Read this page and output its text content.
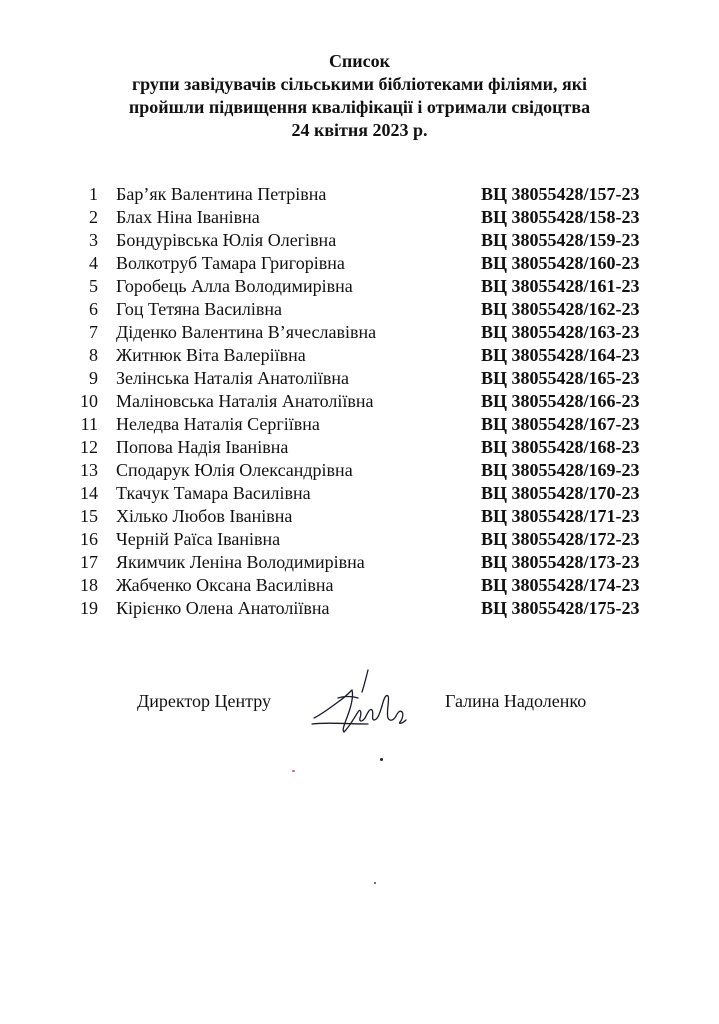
Список
групи завідувачів сільськими бібліотеками філіями, які
пройшли підвищення кваліфікації і отримали свідоцтва
24 квітня 2023 р.
1 Бар’як Валентина Петрівна	ВЦ 38055428/157-23
2 Блах Ніна Іванівна	ВЦ 38055428/158-23
3 Бондурівська Юлія Олегівна	ВЦ 38055428/159-23
4 Волкотруб Тамара Григорівна	ВЦ 38055428/160-23
5 Горобець Алла Володимирівна	ВЦ 38055428/161-23
6 Гоц Тетяна Василівна	ВЦ 38055428/162-23
7 Діденко Валентина В’ячеславівна	ВЦ 38055428/163-23
8 Житнюк Віта Валеріївна	ВЦ 38055428/164-23
9 Зелінська Наталія Анатоліївна	ВЦ 38055428/165-23
10 Маліновська Наталія Анатоліївна	ВЦ 38055428/166-23
11 Неледва Наталія Сергіївна	ВЦ 38055428/167-23
12 Попова Надія Іванівна	ВЦ 38055428/168-23
13 Сподарук Юлія Олександрівна	ВЦ 38055428/169-23
14 Ткачук Тамара Василівна	ВЦ 38055428/170-23
15 Хілько Любов Іванівна	ВЦ 38055428/171-23
16 Черній Раїса Іванівна	ВЦ 38055428/172-23
17 Якимчик Леніна Володимирівна	ВЦ 38055428/173-23
18 Жабченко Оксана Василівна	ВЦ 38055428/174-23
19 Кірієнко Олена Анатоліївна	ВЦ 38055428/175-23
Директор Центру	Галина Надоленко
